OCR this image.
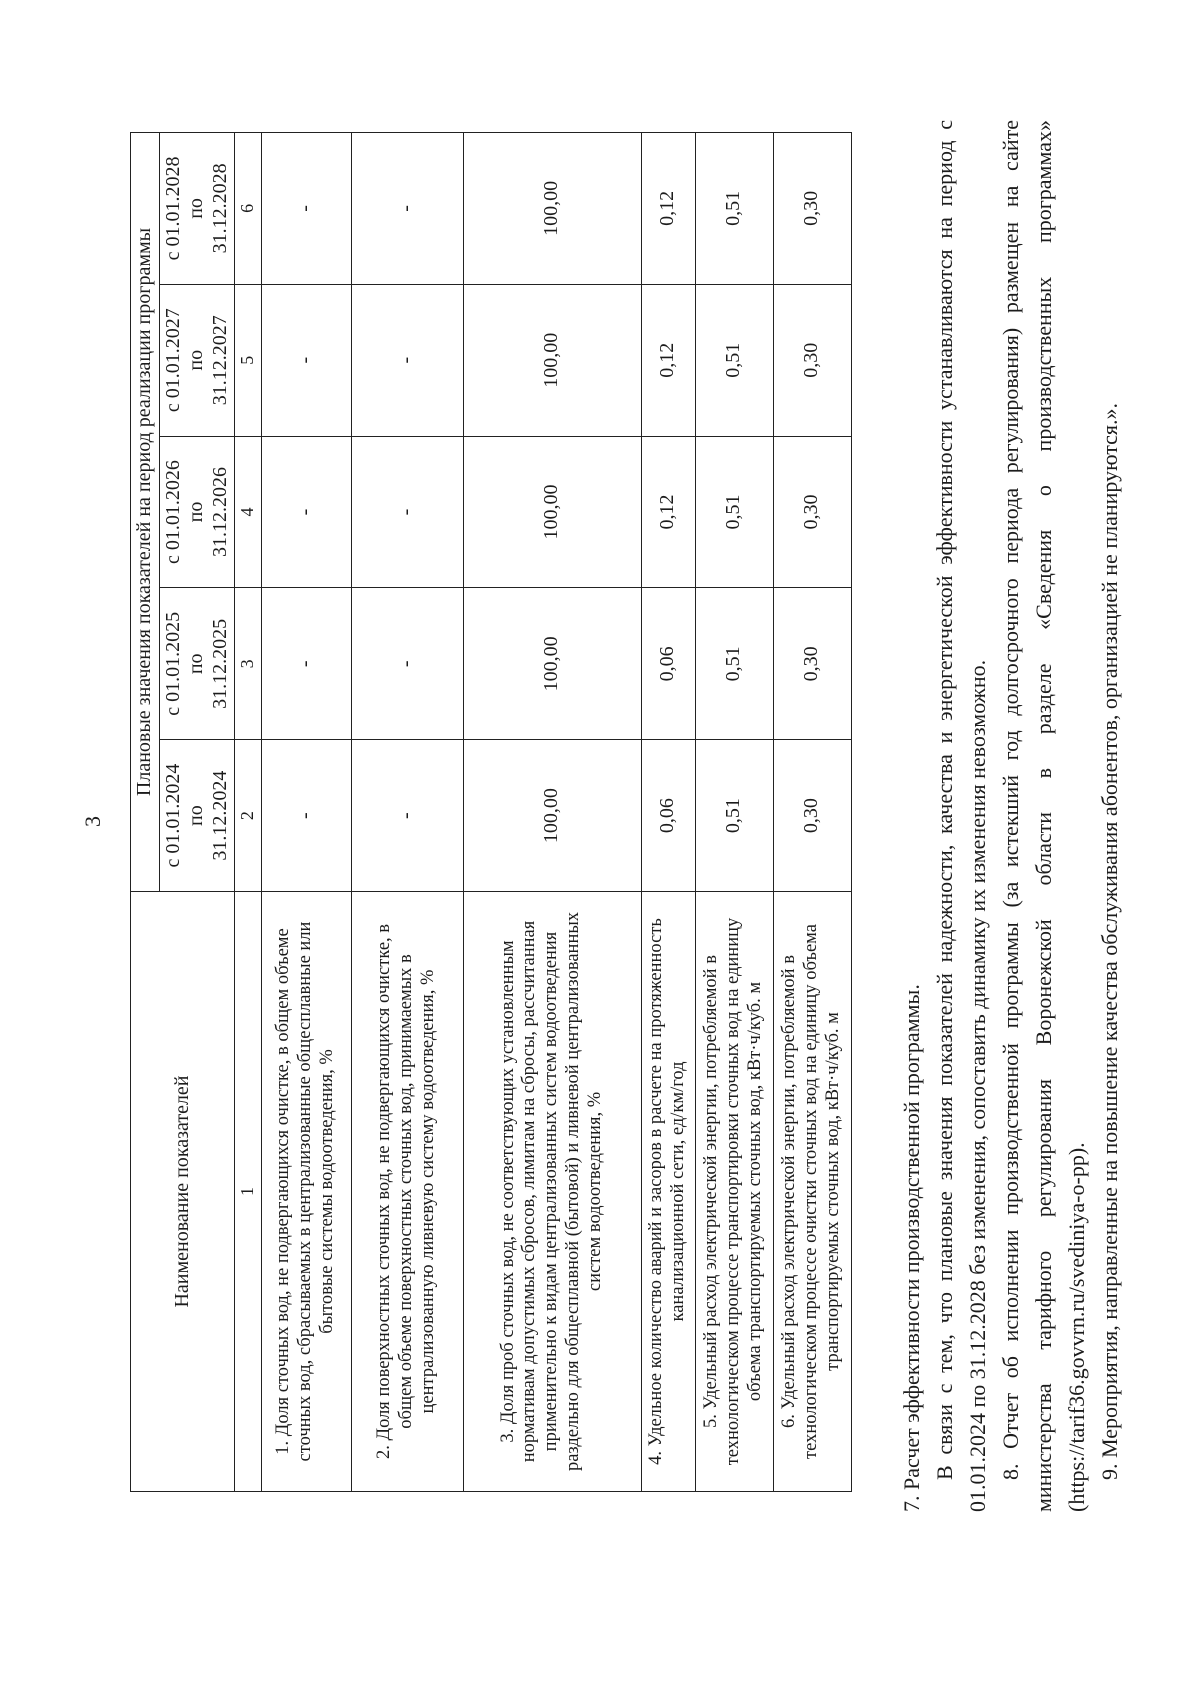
3
Наименование показателей	Плановые значения показателей на период реализации программы				
	с 01.01.2024
по
31.12.2024	с 01.01.2025
по
31.12.2025	с 01.01.2026
по
31.12.2026	с 01.01.2027
по
31.12.2027	с 01.01.2028
по
31.12.2028
1	2	3	4	5	6
1. Доля сточных вод, не подвергающихся очистке, в общем объеме сточных вод, сбрасываемых в централизованные общесплавные или бытовые системы водоотведения, %	-	-	-	-	-
2. Доля поверхностных сточных вод, не подвергающихся очистке, в общем объеме поверхностных сточных вод, принимаемых в централизованную ливневую систему водоотведения, %	-	-	-	-	-
3. Доля проб сточных вод, не соответствующих установленным нормативам допустимых сбросов, лимитам на сбросы, рассчитанная применительно к видам централизованных систем водоотведения раздельно для общесплавной (бытовой) и ливневой централизованных систем водоотведения, %	100,00	100,00	100,00	100,00	100,00
4. Удельное количество аварий и засоров в расчете на протяженность канализационной сети, ед/км/год	0,06	0,06	0,12	0,12	0,12
5. Удельный расход электрической энергии, потребляемой в технологическом процессе транспортировки сточных вод на единицу объема транспортируемых сточных вод, кВт·ч/куб. м	0,51	0,51	0,51	0,51	0,51
6. Удельный расход электрической энергии, потребляемой в технологическом процессе очистки сточных вод на единицу объема транспортируемых сточных вод, кВт·ч/куб. м	0,30	0,30	0,30	0,30	0,30

7. Расчет эффективности производственной программы. В связи с тем, что плановые значения показателей надежности, качества и энергетической эффективности устанавливаются на период с 01.01.2024 по 31.12.2028 без изменения, сопоставить динамику их изменения невозможно. 8. Отчет об исполнении производственной программы (за истекший год долгосрочного периода регулирования) размещен на сайте министерства тарифного регулирования Воронежской области в разделе «Сведения о производственных программах» (https://tarif36.govvrn.ru/svediniya-o-pp). 9. Мероприятия, направленные на повышение качества обслуживания абонентов, организацией не планируются.».
